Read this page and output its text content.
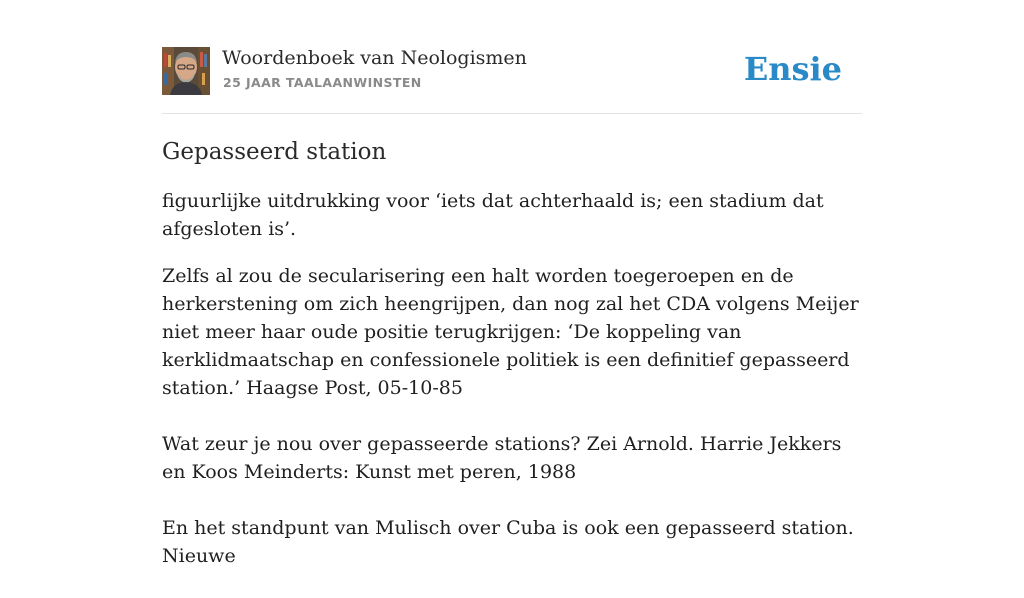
Woordenboek van Neologismen
25 JAAR TAALAANWINSTEN	Ensie
Gepasseerd station

figuurlijke uitdrukking voor ‘iets dat achterhaald is; een stadium dat afgesloten is’.

Zelfs al zou de secularisering een halt worden toegeroepen en de herkerstening om zich heengrijpen, dan nog zal het CDA volgens Meijer niet meer haar oude positie terugkrijgen: ‘De koppeling van kerklidmaatschap en confessionele politiek is een definitief gepasseerd station.’ Haagse Post, 05-10-85

Wat zeur je nou over gepasseerde stations? Zei Arnold. Harrie Jekkers en Koos Meinderts: Kunst met peren, 1988

En het standpunt van Mulisch over Cuba is ook een gepasseerd station. Nieuwe
